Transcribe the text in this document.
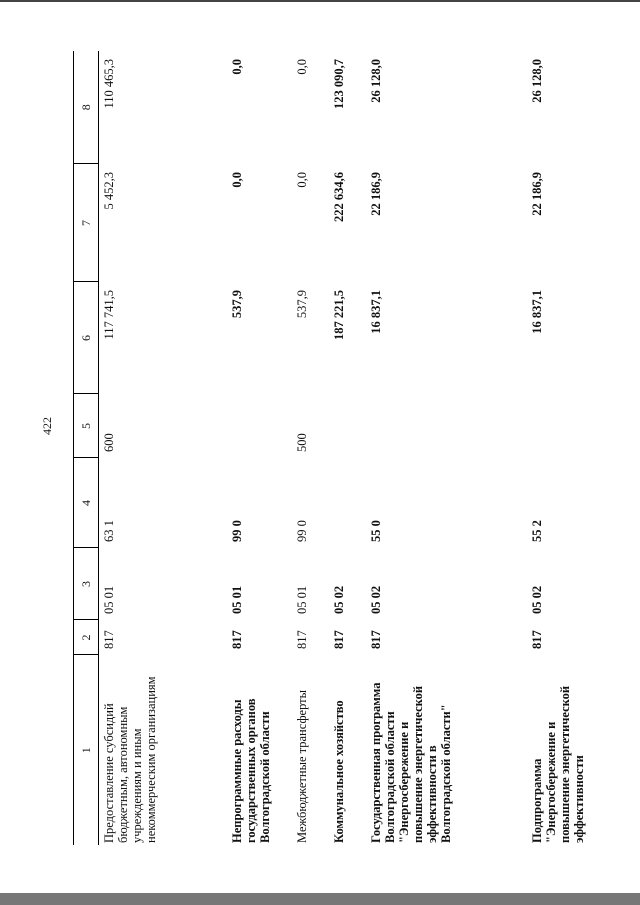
422
1	2	3	4	5	6	7	8
Предоставление субсидий бюджетным, автономным учреждениям и иным некоммерческим организациям	817	05 01	63 1	600	117 741,5	5 452,3	110 465,3
Непрограммные расходы государственных органов Волгоградской области	817	05 01	99 0		537,9	0,0	0,0
Межбюджетные трансферты	817	05 01	99 0	500	537,9	0,0	0,0
Коммунальное хозяйство	817	05 02			187 221,5	222 634,6	123 090,7
Государственная программа Волгоградской области "Энергосбережение и повышение энергетической эффективности в Волгоградской области"	817	05 02	55 0		16 837,1	22 186,9	26 128,0
Подпрограмма "Энергосбережение и повышение энергетической эффективности	817	05 02	55 2		16 837,1	22 186,9	26 128,0
